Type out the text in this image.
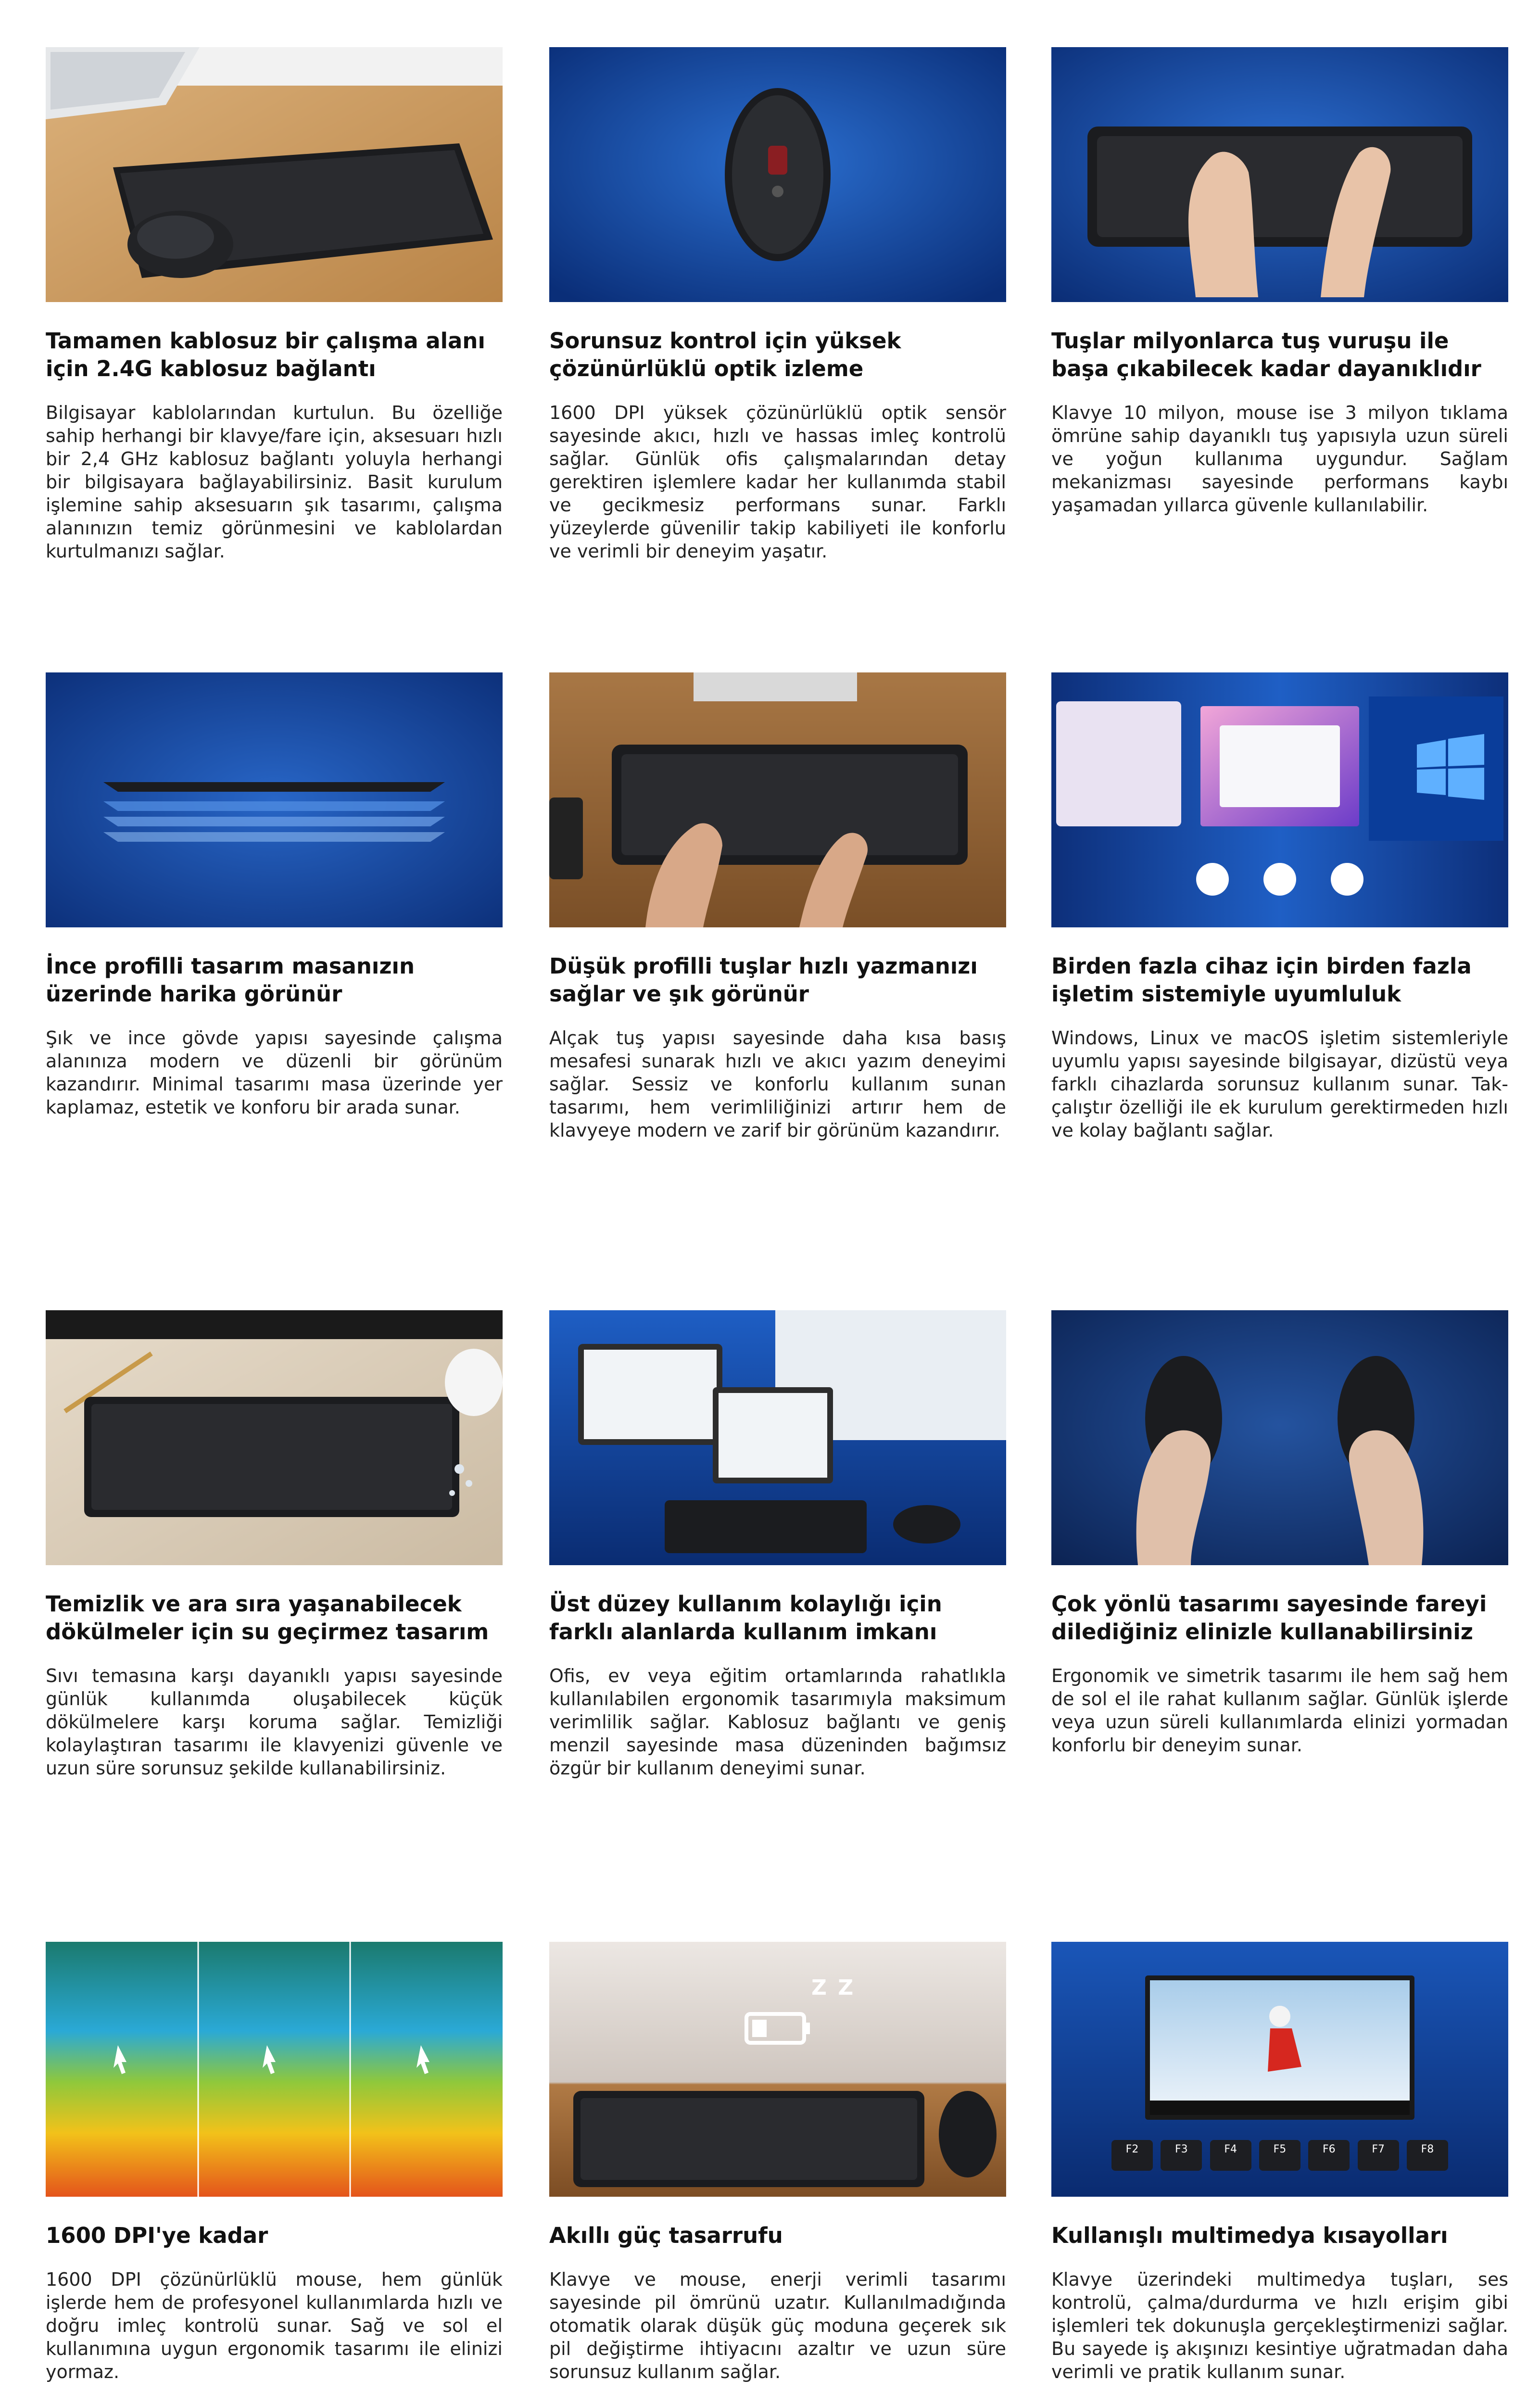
Tamamen kablosuz bir çalışma alanı için 2.4G kablosuz bağlantı
Bilgisayar kablolarından kurtulun. Bu özelliğe sahip herhangi bir klavye/fare için, aksesuarı hızlı bir 2,4 GHz kablosuz bağlantı yoluyla herhangi bir bilgisayara bağlayabilirsiniz. Basit kurulum işlemine sahip aksesuarın şık tasarımı, çalışma alanınızın temiz görünmesini ve kablolardan kurtulmanızı sağlar.
Sorunsuz kontrol için yüksek çözünürlüklü optik izleme
1600 DPI yüksek çözünürlüklü optik sensör sayesinde akıcı, hızlı ve hassas imleç kontrolü sağlar. Günlük ofis çalışmalarından detay gerektiren işlemlere kadar her kullanımda stabil ve gecikmesiz performans sunar. Farklı yüzeylerde güvenilir takip kabiliyeti ile konforlu ve verimli bir deneyim yaşatır.
Tuşlar milyonlarca tuş vuruşu ile başa çıkabilecek kadar dayanıklıdır
Klavye 10 milyon, mouse ise 3 milyon tıklama ömrüne sahip dayanıklı tuş yapısıyla uzun süreli ve yoğun kullanıma uygundur. Sağlam mekanizması sayesinde performans kaybı yaşamadan yıllarca güvenle kullanılabilir.
İnce profilli tasarım masanızın üzerinde harika görünür
Şık ve ince gövde yapısı sayesinde çalışma alanınıza modern ve düzenli bir görünüm kazandırır. Minimal tasarımı masa üzerinde yer kaplamaz, estetik ve konforu bir arada sunar.
Düşük profilli tuşlar hızlı yazmanızı sağlar ve şık görünür
Alçak tuş yapısı sayesinde daha kısa basış mesafesi sunarak hızlı ve akıcı yazım deneyimi sağlar. Sessiz ve konforlu kullanım sunan tasarımı, hem verimliliğinizi artırır hem de klavyeye modern ve zarif bir görünüm kazandırır.
Birden fazla cihaz için birden fazla işletim sistemiyle uyumluluk
Windows, Linux ve macOS işletim sistemleriyle uyumlu yapısı sayesinde bilgisayar, dizüstü veya farklı cihazlarda sorunsuz kullanım sunar. Tak-çalıştır özelliği ile ek kurulum gerektirmeden hızlı ve kolay bağlantı sağlar.
Temizlik ve ara sıra yaşanabilecek dökülmeler için su geçirmez tasarım
Sıvı temasına karşı dayanıklı yapısı sayesinde günlük kullanımda oluşabilecek küçük dökülmelere karşı koruma sağlar. Temizliği kolaylaştıran tasarımı ile klavyenizi güvenle ve uzun süre sorunsuz şekilde kullanabilirsiniz.
Üst düzey kullanım kolaylığı için farklı alanlarda kullanım imkanı
Ofis, ev veya eğitim ortamlarında rahatlıkla kullanılabilen ergonomik tasarımıyla maksimum verimlilik sağlar. Kablosuz bağlantı ve geniş menzil sayesinde masa düzeninden bağımsız özgür bir kullanım deneyimi sunar.
Çok yönlü tasarımı sayesinde fareyi dilediğiniz elinizle kullanabilirsiniz
Ergonomik ve simetrik tasarımı ile hem sağ hem de sol el ile rahat kullanım sağlar. Günlük işlerde veya uzun süreli kullanımlarda elinizi yormadan konforlu bir deneyim sunar.
1600 DPI'ye kadar
1600 DPI çözünürlüklü mouse, hem günlük işlerde hem de profesyonel kullanımlarda hızlı ve doğru imleç kontrolü sunar. Sağ ve sol el kullanımına uygun ergonomik tasarımı ile elinizi yormaz.
Z Z
Akıllı güç tasarrufu
Klavye ve mouse, enerji verimli tasarımı sayesinde pil ömrünü uzatır. Kullanılmadığında otomatik olarak düşük güç moduna geçerek sık pil değiştirme ihtiyacını azaltır ve uzun süre sorunsuz kullanım sağlar.
F2	F3	F4	F5	F6	F7	F8
Kullanışlı multimedya kısayolları
Klavye üzerindeki multimedya tuşları, ses kontrolü, çalma/durdurma ve hızlı erişim gibi işlemleri tek dokunuşla gerçekleştirmenizi sağlar. Bu sayede iş akışınızı kesintiye uğratmadan daha verimli ve pratik kullanım sunar.
